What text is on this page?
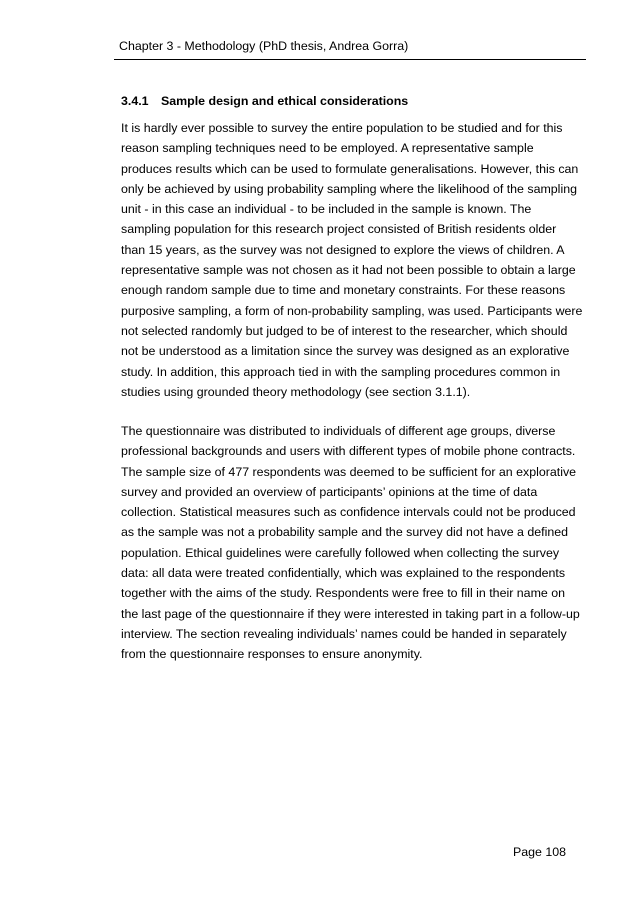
Chapter 3 - Methodology (PhD thesis, Andrea Gorra)
3.4.1 Sample design and ethical considerations
It is hardly ever possible to survey the entire population to be studied and for this
reason sampling techniques need to be employed. A representative sample
produces results which can be used to formulate generalisations. However, this can
only be achieved by using probability sampling where the likelihood of the sampling
unit - in this case an individual - to be included in the sample is known. The
sampling population for this research project consisted of British residents older
than 15 years, as the survey was not designed to explore the views of children. A
representative sample was not chosen as it had not been possible to obtain a large
enough random sample due to time and monetary constraints. For these reasons
purposive sampling, a form of non-probability sampling, was used. Participants were
not selected randomly but judged to be of interest to the researcher, which should
not be understood as a limitation since the survey was designed as an explorative
study. In addition, this approach tied in with the sampling procedures common in
studies using grounded theory methodology (see section 3.1.1).
The questionnaire was distributed to individuals of different age groups, diverse
professional backgrounds and users with different types of mobile phone contracts.
The sample size of 477 respondents was deemed to be sufficient for an explorative
survey and provided an overview of participants’ opinions at the time of data
collection. Statistical measures such as confidence intervals could not be produced
as the sample was not a probability sample and the survey did not have a defined
population. Ethical guidelines were carefully followed when collecting the survey
data: all data were treated confidentially, which was explained to the respondents
together with the aims of the study. Respondents were free to fill in their name on
the last page of the questionnaire if they were interested in taking part in a follow-up
interview. The section revealing individuals’ names could be handed in separately
from the questionnaire responses to ensure anonymity.
Page 108
